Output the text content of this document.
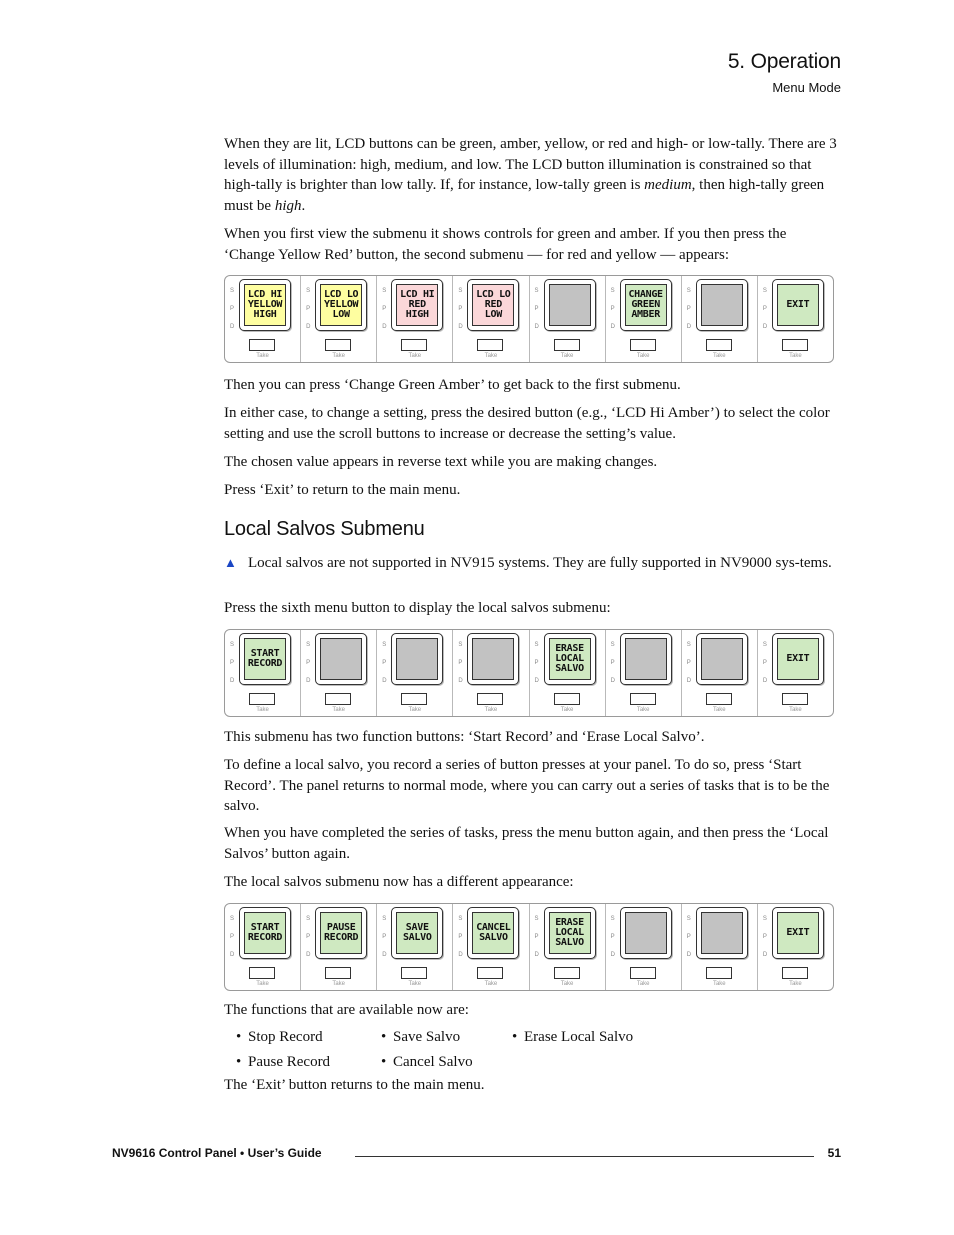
5. Operation
Menu Mode

When they are lit, LCD buttons can be green, amber, yellow, or red and high- or low-tally. There are 3 levels of illumination: high, medium, and low. The LCD button illumination is constrained so that high-tally is brighter than low tally. If, for instance, low-tally green is medium, then high-tally green must be high.

When you first view the submenu it shows controls for green and amber. If you then press the ‘Change Yellow Red’ button, the second submenu — for red and yellow — appears:

S
P
D
LCD HI
YELLOW
HIGH
Take
S
P
D
LCD LO
YELLOW
LOW
Take
S
P
D
LCD HI
RED
HIGH
Take
S
P
D
LCD LO
RED
LOW
Take
S
P
D
Take
S
P
D
CHANGE
GREEN
AMBER
Take
S
P
D
Take
S
P
D
EXIT
Take

Then you can press ‘Change Green Amber’ to get back to the first submenu.

In either case, to change a setting, press the desired button (e.g., ‘LCD Hi Amber’) to select the color setting and use the scroll buttons to increase or decrease the setting’s value.

The chosen value appears in reverse text while you are making changes.

Press ‘Exit’ to return to the main menu.

Local Salvos Submenu
▲ Local salvos are not supported in NV915 systems. They are fully supported in NV9000 sys-tems.

Press the sixth menu button to display the local salvos submenu:

S
P
D
START
RECORD
Take
S
P
D
Take
S
P
D
Take
S
P
D
Take
S
P
D
ERASE
LOCAL
SALVO
Take
S
P
D
Take
S
P
D
Take
S
P
D
EXIT
Take

This submenu has two function buttons: ‘Start Record’ and ‘Erase Local Salvo’.

To define a local salvo, you record a series of button presses at your panel. To do so, press ‘Start Record’. The panel returns to normal mode, where you can carry out a series of tasks that is to be the salvo.

When you have completed the series of tasks, press the menu button again, and then press the ‘Local Salvos’ button again.

The local salvos submenu now has a different appearance:

S
P
D
START
RECORD
Take
S
P
D
PAUSE
RECORD
Take
S
P
D
SAVE
SALVO
Take
S
P
D
CANCEL
SALVO
Take
S
P
D
ERASE
LOCAL
SALVO
Take
S
P
D
Take
S
P
D
Take
S
P
D
EXIT
Take

The functions that are available now are:

• Stop Record	• Save Salvo	• Erase Local Salvo
• Pause Record	• Cancel Salvo

The ‘Exit’ button returns to the main menu.

NV9616 Control Panel • User’s Guide	51
